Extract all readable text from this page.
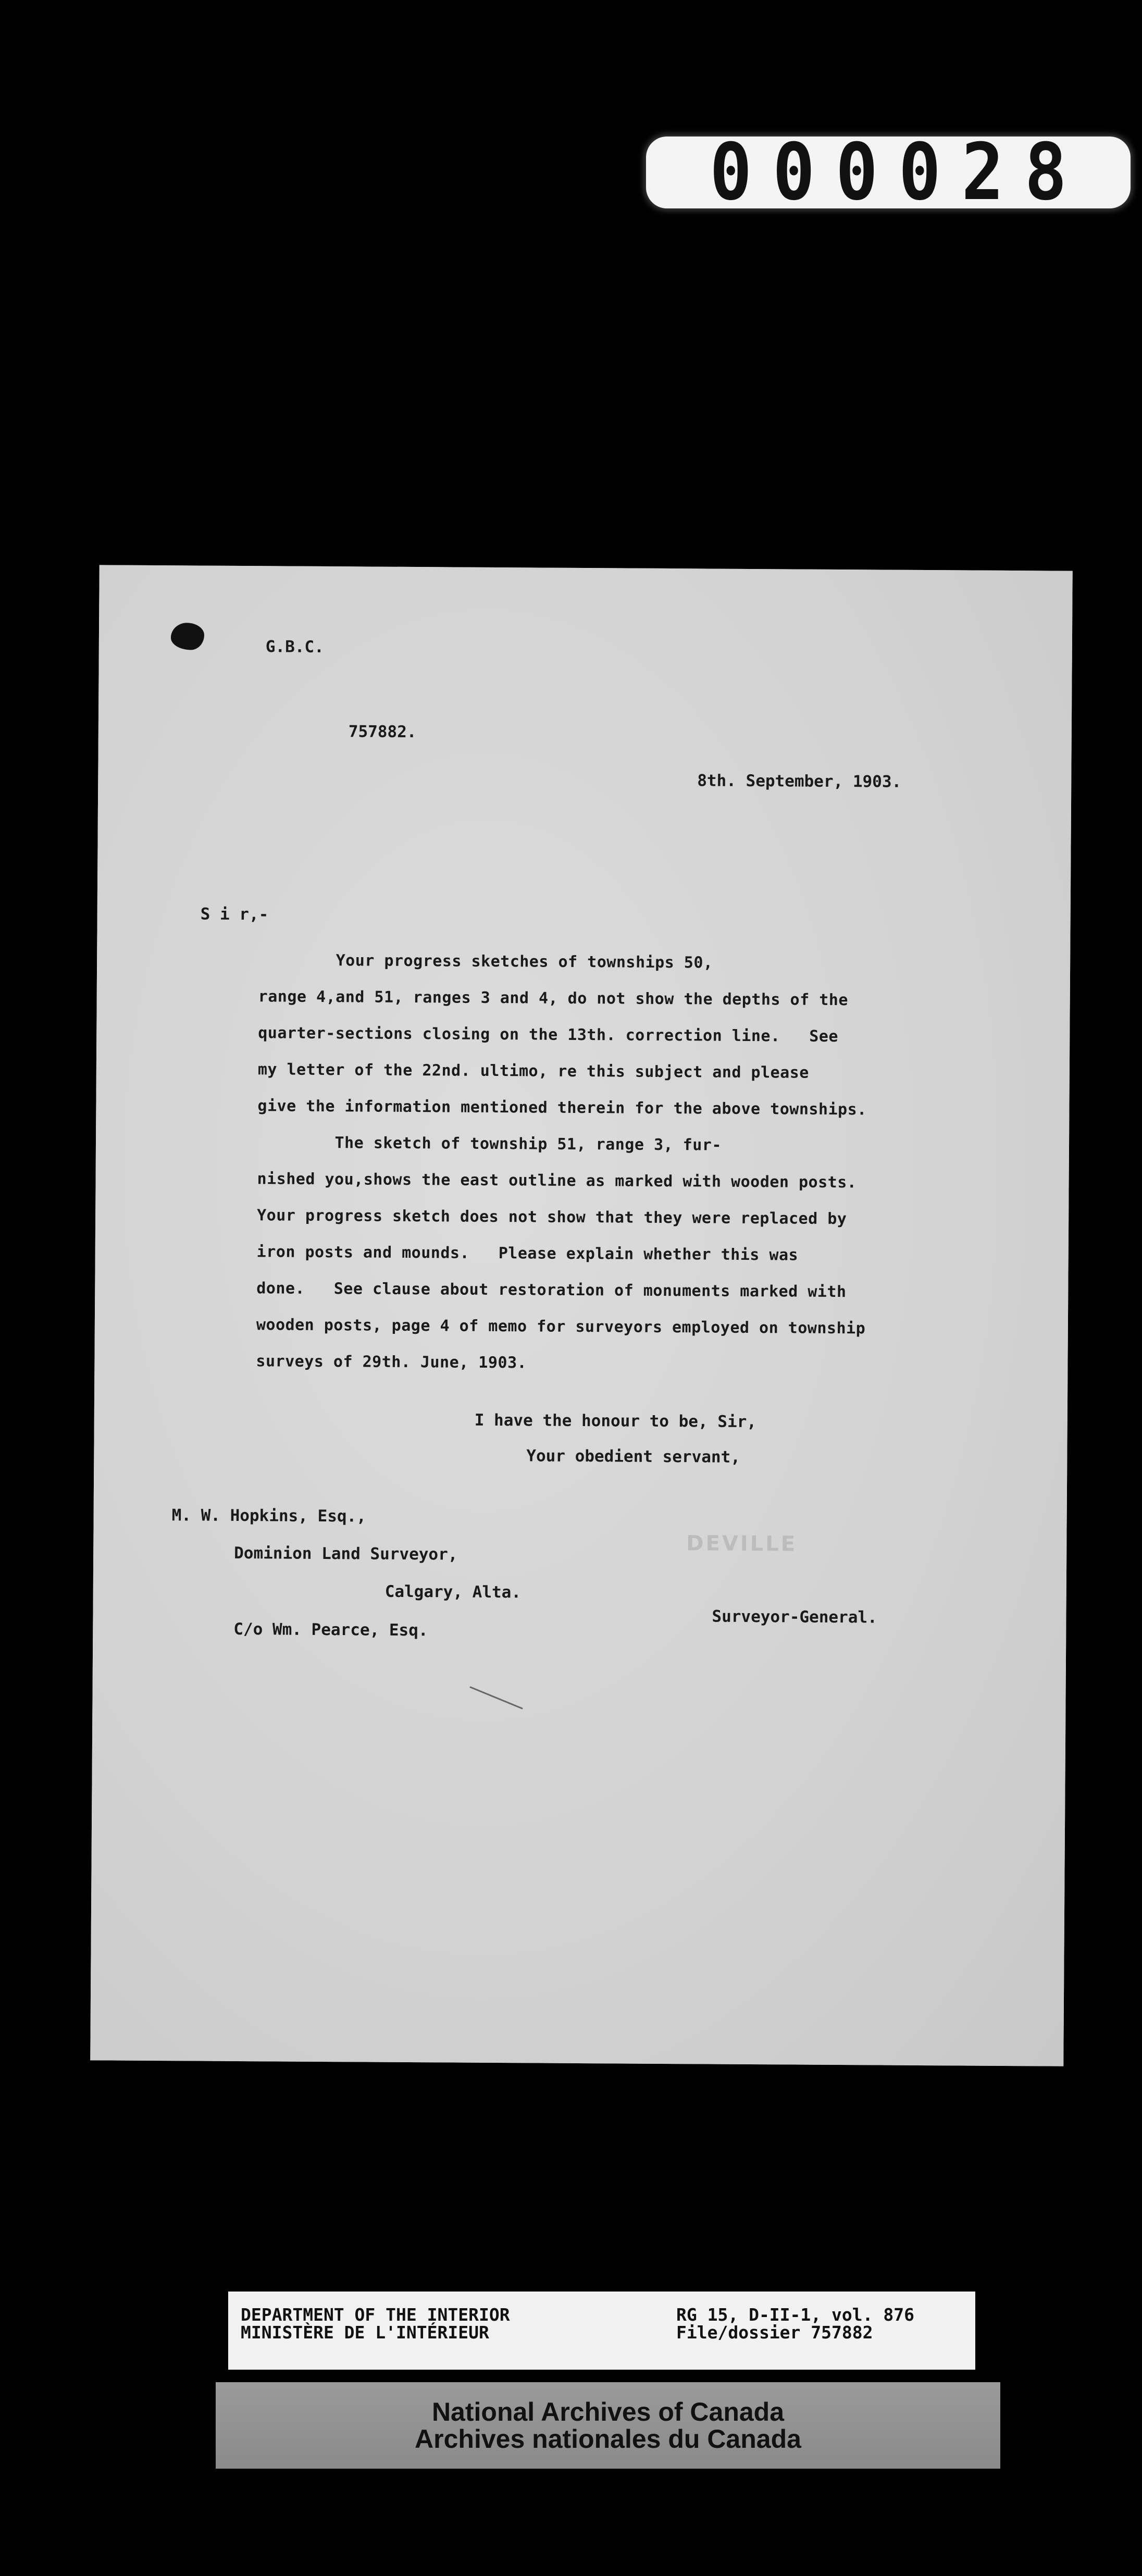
000028
G.B.C.
757882.
8th. September, 1903.
S i r,-
Your progress sketches of townships 50,
range 4,and 51, ranges 3 and 4, do not show the depths of the
quarter-sections closing on the 13th. correction line.   See
my letter of the 22nd. ultimo, re this subject and please
give the information mentioned therein for the above townships.
The sketch of township 51, range 3, fur-
nished you,shows the east outline as marked with wooden posts.
Your progress sketch does not show that they were replaced by
iron posts and mounds.   Please explain whether this was
done.   See clause about restoration of monuments marked with
wooden posts, page 4 of memo for surveyors employed on township
surveys of 29th. June, 1903.
I have the honour to be, Sir,
Your obedient servant,
M. W. Hopkins, Esq.,
Dominion Land Surveyor,
Calgary, Alta.
C/o Wm. Pearce, Esq.
DEVILLE
Surveyor-General.
DEPARTMENT OF THE INTERIOR
MINISTÈRE DE L'INTÉRIEUR
RG 15, D-II-1, vol. 876
File/dossier 757882
National Archives of Canada
Archives nationales du Canada
